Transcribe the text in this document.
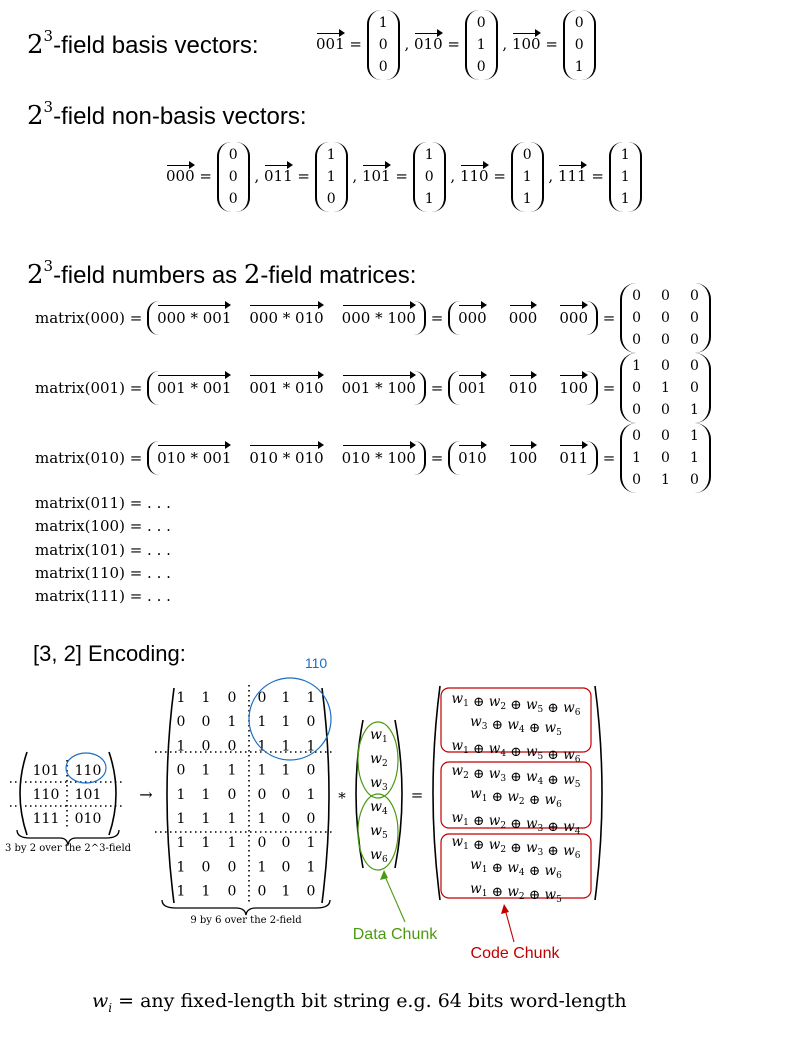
$2^3$-field basis vectors:
$2^3$-field non-basis vectors:
$2^3$-field numbers as 2-field matrices:
001 =
1
0
0
, 010 =
0
1
0
, 100 =
0
0
1
000 =
0
0
0
, 011 =
1
1
0
, 101 =
1
0
1
, 110 =
0
1
1
, 111 =
1
1
1
matrix(000) = 000 * 001 000 * 010 000 * 100 = 000 000 000 =
0 0 0
0 0 0
0 0 0
matrix(001) = 001 * 001 001 * 010 001 * 100 = 001 010 100 =
1 0 0
0 1 0
0 0 1
matrix(010) = 010 * 001 010 * 010 010 * 100 = 010 100 011 =
0 0 1
1 0 1
0 1 0
matrix(011) = . . .
matrix(100) = . . .
matrix(101) = . . .
matrix(110) = . . .
matrix(111) = . . .
[3, 2] Encoding:
101 110
110 101
111 010
3 by 2 over the 2^3-field
→
1 1 0 0 1 1
0 0 1 1 1 0
1 0 0 1 1 1
0 1 1 1 1 0
1 1 0 0 0 1
1 1 1 1 0 0
1 1 1 0 0 1
1 0 0 1 0 1
1 1 0 0 1 0
110
9 by 6 over the 2-field
∗
$w_1$
$w_2$
$w_3$
$w_4$
$w_5$
$w_6$
=
$w_1$ ⊕ $w_2$ ⊕ $w_5$ ⊕ $w_6$
$w_3$ ⊕ $w_4$ ⊕ $w_5$
$w_1$ ⊕ $w_4$ ⊕ $w_5$ ⊕ $w_6$
$w_2$ ⊕ $w_3$ ⊕ $w_4$ ⊕ $w_5$
$w_1$ ⊕ $w_2$ ⊕ $w_6$
$w_1$ ⊕ $w_2$ ⊕ $w_3$ ⊕ $w_4$
$w_1$ ⊕ $w_2$ ⊕ $w_3$ ⊕ $w_6$
$w_1$ ⊕ $w_4$ ⊕ $w_6$
$w_1$ ⊕ $w_2$ ⊕ $w_5$
Data Chunk
Code Chunk
$w_i$ = any fixed-length bit string e.g. 64 bits word-length
